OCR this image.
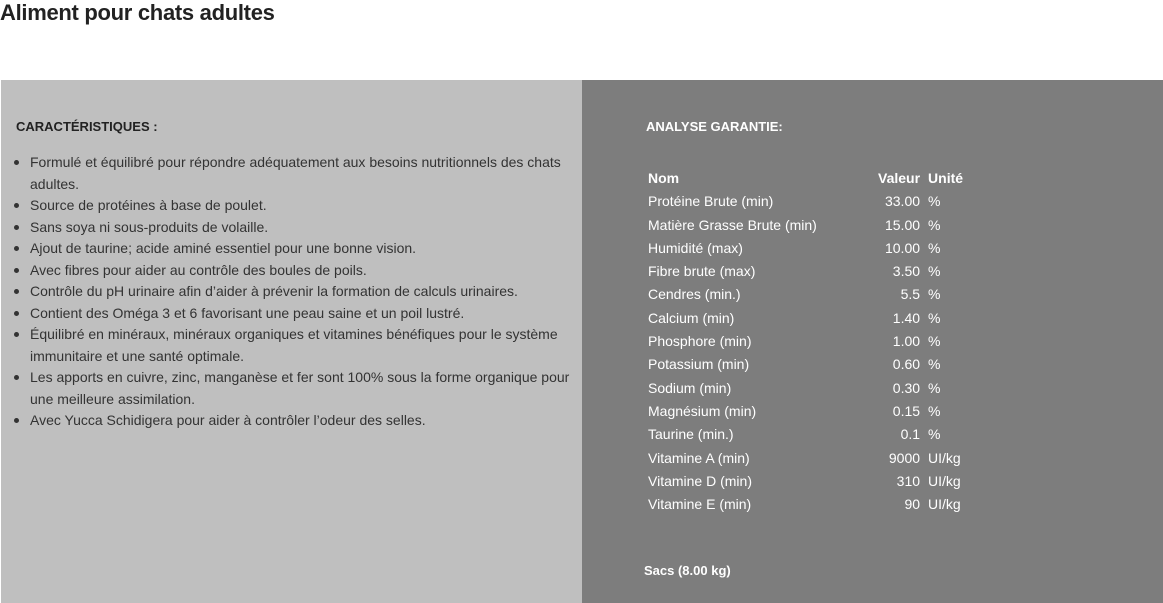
Aliment pour chats adultes
CARACTÉRISTIQUES :
Formulé et équilibré pour répondre adéquatement aux besoins nutritionnels des chats adultes.
Source de protéines à base de poulet.
Sans soya ni sous-produits de volaille.
Ajout de taurine; acide aminé essentiel pour une bonne vision.
Avec fibres pour aider au contrôle des boules de poils.
Contrôle du pH urinaire afin d’aider à prévenir la formation de calculs urinaires.
Contient des Oméga 3 et 6 favorisant une peau saine et un poil lustré.
Équilibré en minéraux, minéraux organiques et vitamines bénéfiques pour le système immunitaire et une santé optimale.
Les apports en cuivre, zinc, manganèse et fer sont 100% sous la forme organique pour une meilleure assimilation.
Avec Yucca Schidigera pour aider à contrôler l’odeur des selles.
ANALYSE GARANTIE:
Nom	Valeur	Unité
Protéine Brute (min)	33.00	%
Matière Grasse Brute (min)	15.00	%
Humidité (max)	10.00	%
Fibre brute (max)	3.50	%
Cendres (min.)	5.5	%
Calcium (min)	1.40	%
Phosphore (min)	1.00	%
Potassium (min)	0.60	%
Sodium (min)	0.30	%
Magnésium (min)	0.15	%
Taurine (min.)	0.1	%
Vitamine A (min)	9000	UI/kg
Vitamine D (min)	310	UI/kg
Vitamine E (min)	90	UI/kg
Sacs (8.00 kg)
